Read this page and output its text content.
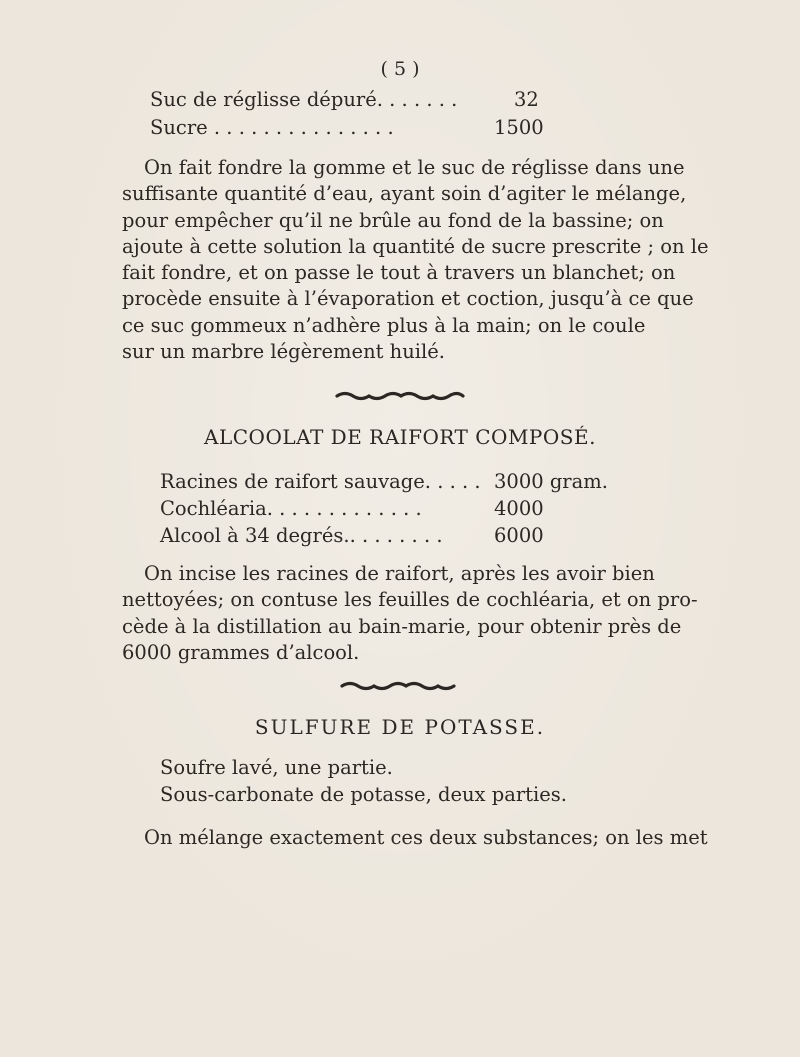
( 5 )
Suc de réglisse dépuré. . . . . . .	32
Sucre . . . . . . . . . . . . . . .	1500
On fait fondre la gomme et le suc de réglisse dans une
suffisante quantité d’eau, ayant soin d’agiter le mélange,
pour empêcher qu’il ne brûle au fond de la bassine; on
ajoute à cette solution la quantité de sucre prescrite ; on le
fait fondre, et on passe le tout à travers un blanchet; on
procède ensuite à l’évaporation et coction, jusqu’à ce que
ce suc gommeux n’adhère plus à la main; on le coule
sur un marbre légèrement huilé.
ALCOOLAT DE RAIFORT COMPOSÉ.
Racines de raifort sauvage. . . . . 3000 gram.
Cochléaria. . . . . . . . . . . . .	4000
Alcool à 34 degrés.. . . . . . . .	6000
On incise les racines de raifort, après les avoir bien
nettoyées; on contuse les feuilles de cochléaria, et on pro-
cède à la distillation au bain-marie, pour obtenir près de
6000 grammes d’alcool.
SULFURE DE POTASSE.
Soufre lavé, une partie.
Sous-carbonate de potasse, deux parties.
On mélange exactement ces deux substances; on les met
